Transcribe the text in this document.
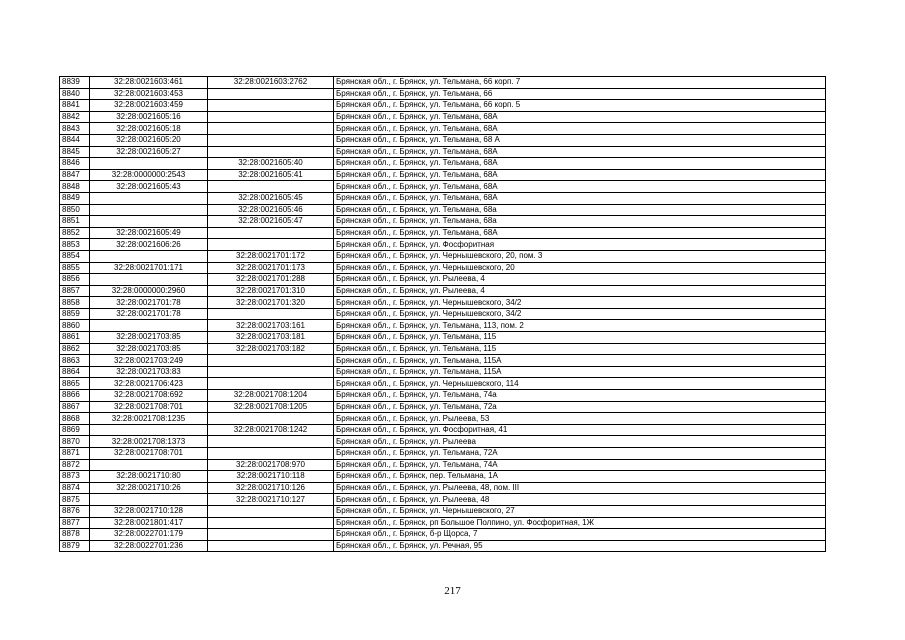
8839	32:28:0021603:461	32:28:0021603:2762	Брянская обл., г. Брянск, ул. Тельмана, 66 корп. 7
8840	32:28:0021603:453		Брянская обл., г. Брянск, ул. Тельмана, 66
8841	32:28:0021603:459		Брянская обл., г. Брянск, ул. Тельмана, 66 корп. 5
8842	32:28:0021605:16		Брянская обл., г. Брянск, ул. Тельмана, 68А
8843	32:28:0021605:18		Брянская обл., г. Брянск, ул. Тельмана, 68А
8844	32:28:0021605:20		Брянская обл., г. Брянск, ул. Тельмана, 68 А
8845	32:28:0021605:27		Брянская обл., г. Брянск, ул. Тельмана, 68А
8846		32:28:0021605:40	Брянская обл., г. Брянск, ул. Тельмана, 68А
8847	32:28:0000000:2543	32:28:0021605:41	Брянская обл., г. Брянск, ул. Тельмана, 68А
8848	32:28:0021605:43		Брянская обл., г. Брянск, ул. Тельмана, 68А
8849		32:28:0021605:45	Брянская обл., г. Брянск, ул. Тельмана, 68А
8850		32:28:0021605:46	Брянская обл., г. Брянск, ул. Тельмана, 68а
8851		32:28:0021605:47	Брянская обл., г. Брянск, ул. Тельмана, 68а
8852	32:28:0021605:49		Брянская обл., г. Брянск, ул. Тельмана, 68А
8853	32:28:0021606:26		Брянская обл., г. Брянск, ул. Фосфоритная
8854		32:28:0021701:172	Брянская обл., г. Брянск, ул. Чернышевского, 20, пом. 3
8855	32:28:0021701:171	32:28:0021701:173	Брянская обл., г. Брянск, ул. Чернышевского, 20
8856		32:28:0021701:288	Брянская обл., г. Брянск, ул. Рылеева, 4
8857	32:28:0000000:2960	32:28:0021701:310	Брянская обл., г. Брянск, ул. Рылеева, 4
8858	32:28:0021701:78	32:28:0021701:320	Брянская обл., г. Брянск, ул. Чернышевского, 34/2
8859	32:28:0021701:78		Брянская обл., г. Брянск, ул. Чернышевского, 34/2
8860		32:28:0021703:161	Брянская обл., г. Брянск, ул. Тельмана, 113, пом. 2
8861	32:28:0021703:85	32:28:0021703:181	Брянская обл., г. Брянск, ул. Тельмана, 115
8862	32:28:0021703:85	32:28:0021703:182	Брянская обл., г. Брянск, ул. Тельмана, 115
8863	32:28:0021703:249		Брянская обл., г. Брянск, ул. Тельмана, 115А
8864	32:28:0021703:83		Брянская обл., г. Брянск, ул. Тельмана, 115А
8865	32:28:0021706:423		Брянская обл., г. Брянск, ул. Чернышевского, 114
8866	32:28:0021708:692	32:28:0021708:1204	Брянская обл., г. Брянск, ул. Тельмана, 74а
8867	32:28:0021708:701	32:28:0021708:1205	Брянская обл., г. Брянск, ул. Тельмана, 72а
8868	32:28:0021708:1235		Брянская обл., г. Брянск, ул. Рылеева, 53
8869		32:28:0021708:1242	Брянская обл., г. Брянск, ул. Фосфоритная, 41
8870	32:28:0021708:1373		Брянская обл., г. Брянск, ул. Рылеева
8871	32:28:0021708:701		Брянская обл., г. Брянск, ул. Тельмана, 72А
8872		32:28:0021708:970	Брянская обл., г. Брянск, ул. Тельмана, 74А
8873	32:28:0021710:80	32:28:0021710:118	Брянская обл., г. Брянск, пер. Тельмана, 1А
8874	32:28:0021710:26	32:28:0021710:126	Брянская обл., г. Брянск, ул. Рылеева, 48, пом. III
8875		32:28:0021710:127	Брянская обл., г. Брянск, ул. Рылеева, 48
8876	32:28:0021710:128		Брянская обл., г. Брянск, ул. Чернышевского, 27
8877	32:28:0021801:417		Брянская обл., г. Брянск, рп Большое Полпино, ул. Фосфоритная, 1Ж
8878	32:28:0022701:179		Брянская обл., г. Брянск, б-р Щорса, 7
8879	32:28:0022701:236		Брянская обл., г. Брянск, ул. Речная, 95
217
